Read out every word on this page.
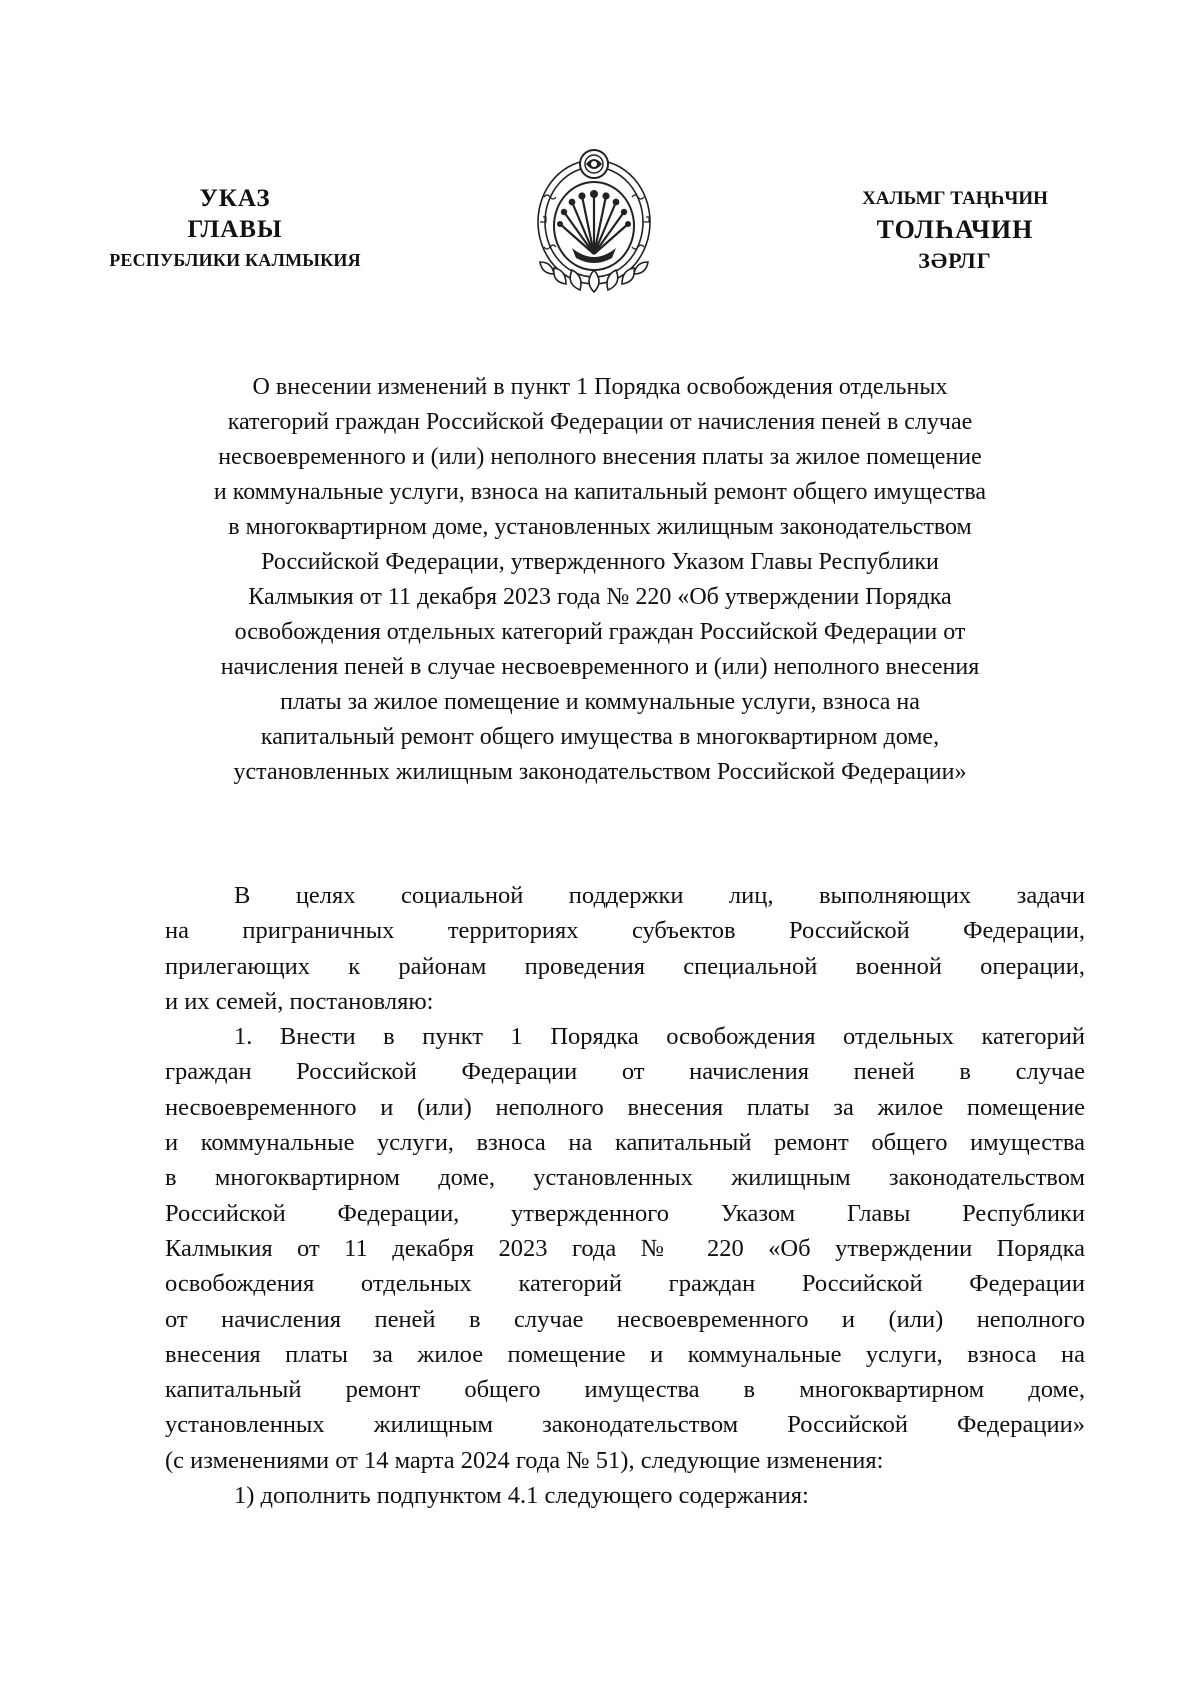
УКАЗ
ГЛАВЫ
РЕСПУБЛИКИ КАЛМЫКИЯ
ХАЛЬМГ ТАҢҺЧИН
ТОЛҺАЧИН
ЗӘРЛГ

О внесении изменений в пункт 1 Порядка освобождения отдельных

категорий граждан Российской Федерации от начисления пеней в случае

несвоевременного и (или) неполного внесения платы за жилое помещение

и коммунальные услуги, взноса на капитальный ремонт общего имущества

в многоквартирном доме, установленных жилищным законодательством

Российской Федерации, утвержденного Указом Главы Республики

Калмыкия от 11 декабря 2023 года № 220 «Об утверждении Порядка

освобождения отдельных категорий граждан Российской Федерации от

начисления пеней в случае несвоевременного и (или) неполного внесения

платы за жилое помещение и коммунальные услуги, взноса на

капитальный ремонт общего имущества в многоквартирном доме,

установленных жилищным законодательством Российской Федерации»

В целях социальной поддержки лиц, выполняющих задачи
на приграничных территориях субъектов Российской Федерации,
прилегающих к районам проведения специальной военной операции,
и их семей, постановляю:
1. Внести в пункт 1 Порядка освобождения отдельных категорий
граждан Российской Федерации от начисления пеней в случае
несвоевременного и (или) неполного внесения платы за жилое помещение
и коммунальные услуги, взноса на капитальный ремонт общего имущества
в многоквартирном доме, установленных жилищным законодательством
Российской Федерации, утвержденного Указом Главы Республики
Калмыкия от 11 декабря 2023 года № 220 «Об утверждении Порядка
освобождения отдельных категорий граждан Российской Федерации
от начисления пеней в случае несвоевременного и (или) неполного
внесения платы за жилое помещение и коммунальные услуги, взноса на
капитальный ремонт общего имущества в многоквартирном доме,
установленных жилищным законодательством Российской Федерации»
(с изменениями от 14 марта 2024 года № 51), следующие изменения:
1) дополнить подпунктом 4.1 следующего содержания:
